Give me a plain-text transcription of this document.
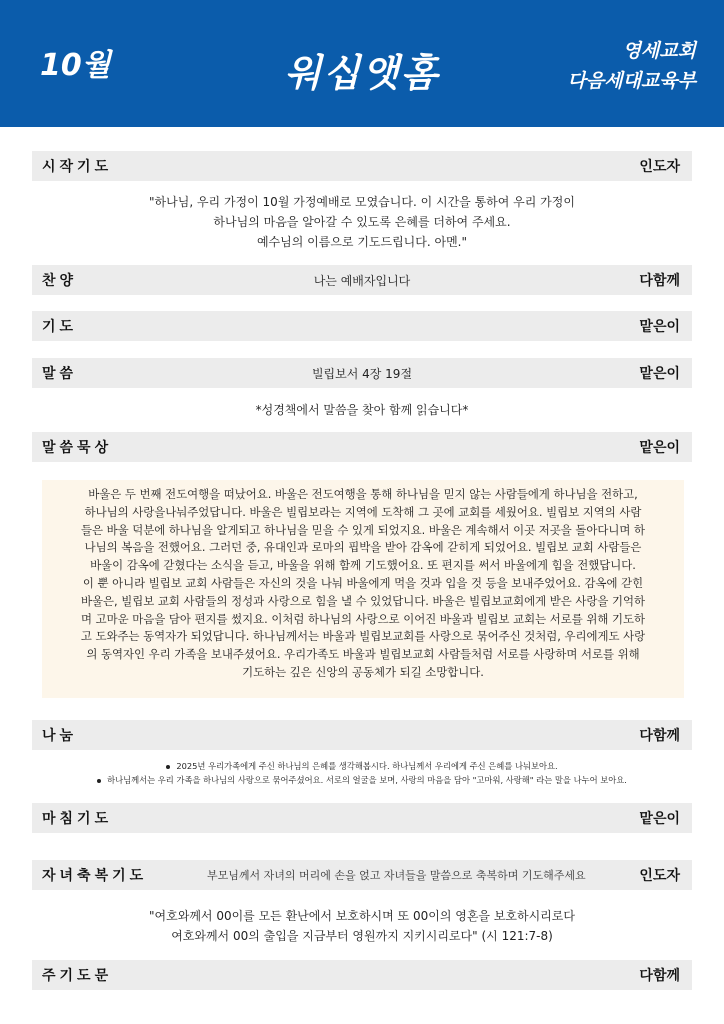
10월	워십앳홈	영세교회
다음세대교육부
시작기도	인도자
"하나님, 우리 가정이 10월 가정예배로 모였습니다. 이 시간을 통하여 우리 가정이
하나님의 마음을 알아갈 수 있도록 은혜를 더하여 주세요.
예수님의 이름으로 기도드립니다. 아멘."
찬양	나는 예배자입니다	다함께
기도	맡은이
말씀	빌립보서 4장 19절	맡은이
*성경책에서 말씀을 찾아 함께 읽습니다*
말씀묵상	맡은이
바울은 두 번째 전도여행을 떠났어요. 바울은 전도여행을 통해 하나님을 믿지 않는 사람들에게 하나님을 전하고,
하나님의 사랑을나눠주었답니다. 바울은 빌립보라는 지역에 도착해 그 곳에 교회를 세웠어요. 빌립보 지역의 사람
들은 바울 덕분에 하나님을 알게되고 하나님을 믿을 수 있게 되었지요. 바울은 계속해서 이곳 저곳을 돌아다니며 하
나님의 복음을 전했어요. 그러던 중, 유대인과 로마의 핍박을 받아 감옥에 갇히게 되었어요. 빌립보 교회 사람들은
바울이 감옥에 갇혔다는 소식을 듣고, 바울을 위해 함께 기도했어요. 또 편지를 써서 바울에게 힘을 전했답니다.
이 뿐 아니라 빌립보 교회 사람들은 자신의 것을 나눠 바울에게 먹을 것과 입을 것 등을 보내주었어요. 감옥에 갇힌
바울은, 빌립보 교회 사람들의 정성과 사랑으로 힘을 낼 수 있었답니다. 바울은 빌립보교회에게 받은 사랑을 기억하
며 고마운 마음을 담아 편지를 썼지요. 이처럼 하나님의 사랑으로 이어진 바울과 빌립보 교회는 서로를 위해 기도하
고 도와주는 동역자가 되었답니다. 하나님께서는 바울과 빌립보교회를 사랑으로 묶어주신 것처럼, 우리에게도 사랑
의 동역자인 우리 가족을 보내주셨어요. 우리가족도 바울과 빌립보교회 사람들처럼 서로를 사랑하며 서로를 위해
기도하는 깊은 신앙의 공동체가 되길 소망합니다.
나눔	다함께
2025년 우리가족에게 주신 하나님의 은혜를 생각해봅시다. 하나님께서 우리에게 주신 은혜를 나눠보아요.
하나님께서는 우리 가족을 하나님의 사랑으로 묶어주셨어요. 서로의 얼굴을 보며, 사랑의 마음을 담아 "고마워, 사랑해" 라는 말을 나누어 보아요.
마침기도	맡은이
자녀축복기도	부모님께서 자녀의 머리에 손을 얹고 자녀들을 말씀으로 축복하며 기도해주세요	인도자
"여호와께서 00이를 모든 환난에서 보호하시며 또 00이의 영혼을 보호하시리로다
여호와께서 00의 출입을 지금부터 영원까지 지키시리로다" (시 121:7-8)
주기도문	다함께
